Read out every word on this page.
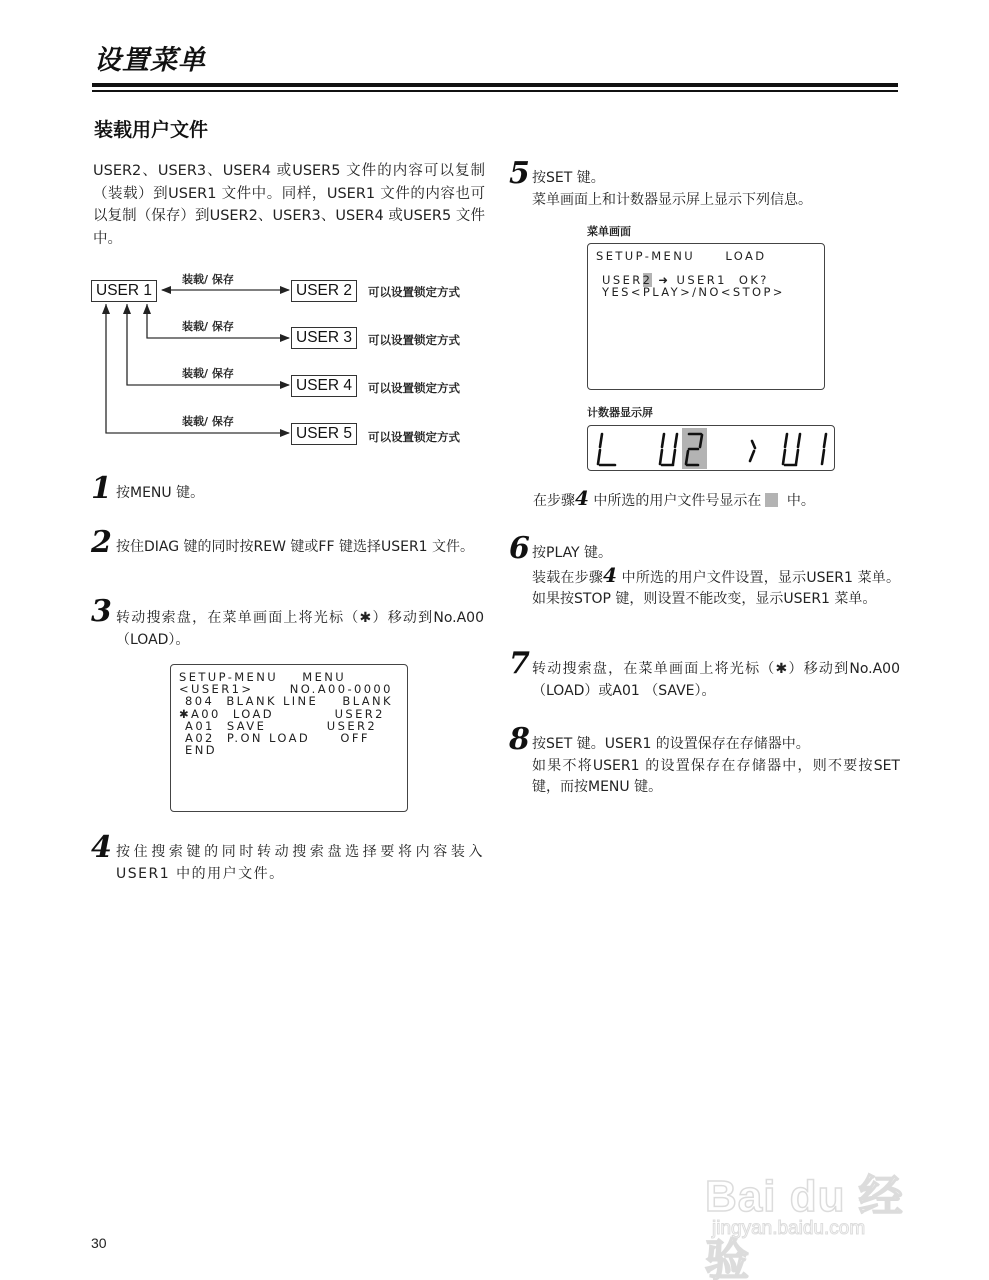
设置菜单
装载用户文件
USER2、USER3、USER4 或USER5 文件的内容可以复制（装载）到USER1 文件中。同样，USER1 文件的内容也可以复制（保存）到USER2、USER3、USER4 或USER5 文件中。
USER 1
装载/ 保存
USER 2	可以设置锁定方式
装载/ 保存
USER 3	可以设置锁定方式
装载/ 保存
USER 4	可以设置锁定方式
装载/ 保存
USER 5	可以设置锁定方式
1 按MENU 键。
2 按住DIAG 键的同时按REW 键或FF 键选择USER1 文件。
3 转动搜索盘，在菜单画面上将光标（✱）移动到No.A00 （LOAD）。
SETUP-MENU    MENU
<USER1>      NO.A00-0000
804  BLANK LINE    BLANK
✱A00  LOAD          USER2
A01  SAVE          USER2
A02  P.ON LOAD     OFF
END
4 按住搜索键的同时转动搜索盘选择要将内容装入USER1 中的用户文件。
5 按SET 键。
菜单画面上和计数器显示屏上显示下列信息。
菜单画面
SETUP-MENU     LOAD
USER2 ➜ USER1  OK?
YES<PLAY>/NO<STOP>
计数器显示屏
在步骤4 中所选的用户文件号显示在 中。
6 按PLAY 键。
装载在步骤4 中所选的用户文件设置，显示USER1 菜单。如果按STOP 键，则设置不能改变，显示USER1 菜单。
7 转动搜索盘，在菜单画面上将光标（✱）移动到No.A00 （LOAD）或A01 （SAVE）。
8 按SET 键。USER1 的设置保存在存储器中。
如果不将USER1 的设置保存在存储器中，则不要按SET 键，而按MENU 键。
Bai du 经验
jingyan.baidu.com
30
